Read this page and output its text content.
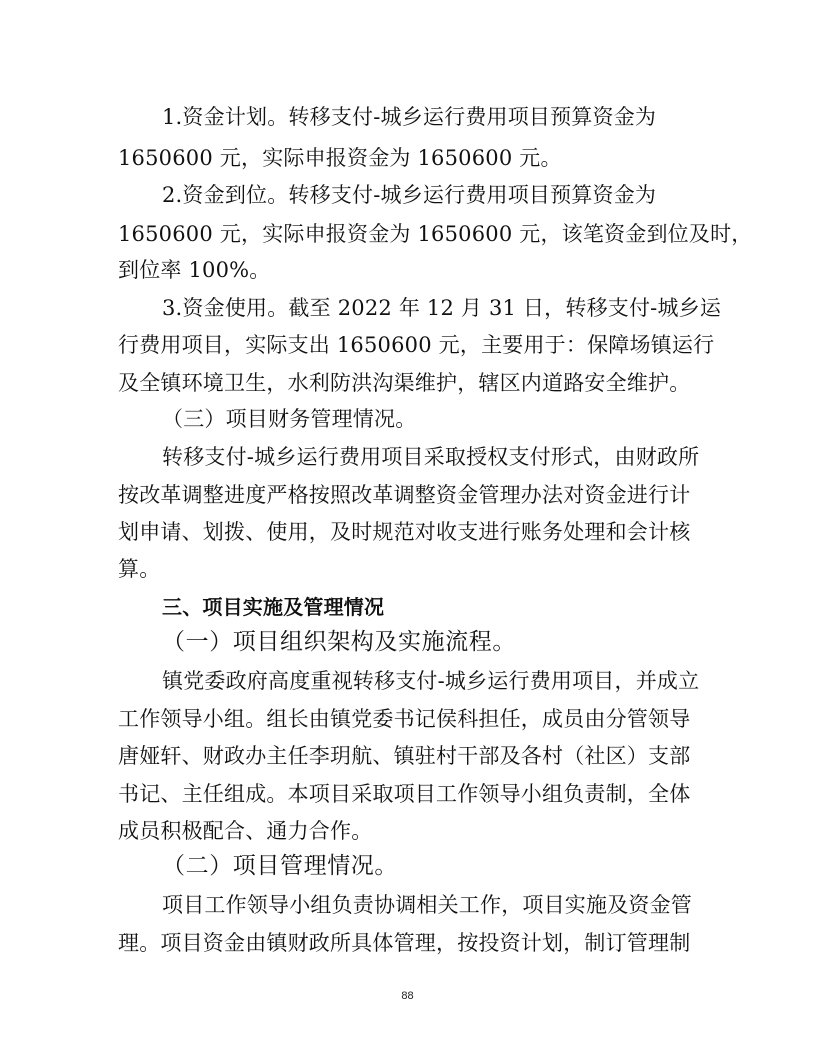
1.资金计划。转移支付-城乡运行费用项目预算资金为
1650600 元，实际申报资金为 1650600 元。
2.资金到位。转移支付-城乡运行费用项目预算资金为
1650600 元，实际申报资金为 1650600 元，该笔资金到位及时，
到位率 100%。
3.资金使用。截至 2022 年 12 月 31 日，转移支付-城乡运
行费用项目，实际支出 1650600 元，主要用于：保障场镇运行
及全镇环境卫生，水利防洪沟渠维护，辖区内道路安全维护。
（三）项目财务管理情况。
转移支付-城乡运行费用项目采取授权支付形式，由财政所
按改革调整进度严格按照改革调整资金管理办法对资金进行计
划申请、划拨、使用，及时规范对收支进行账务处理和会计核
算。
三、项目实施及管理情况
（一）项目组织架构及实施流程。
镇党委政府高度重视转移支付-城乡运行费用项目，并成立
工作领导小组。组长由镇党委书记侯科担任，成员由分管领导
唐娅轩、财政办主任李玥航、镇驻村干部及各村（社区）支部
书记、主任组成。本项目采取项目工作领导小组负责制，全体
成员积极配合、通力合作。
（二）项目管理情况。
项目工作领导小组负责协调相关工作，项目实施及资金管
理。项目资金由镇财政所具体管理，按投资计划，制订管理制
88
